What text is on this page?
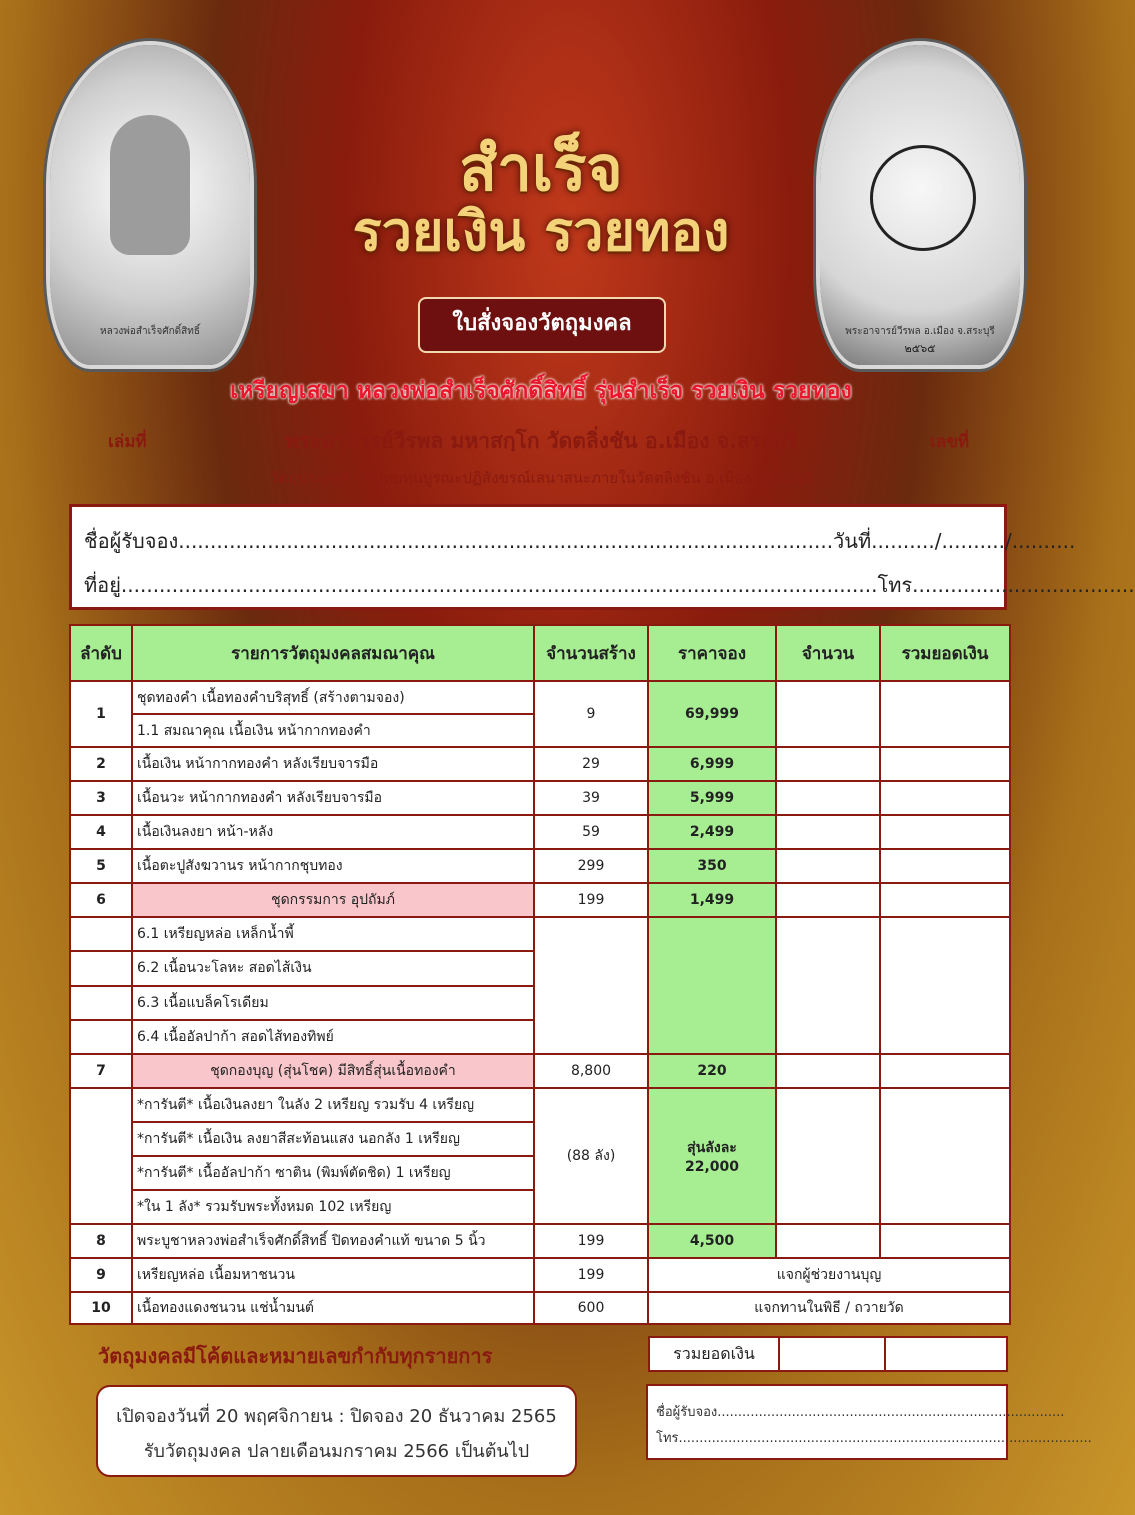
หลวงพ่อสำเร็จศักดิ์สิทธิ์	พระอาจารย์วีรพล อ.เมือง จ.สระบุรี
๒๕๖๕
สำเร็จ
รวยเงิน รวยทอง
ใบสั่งจองวัตถุมงคล
เหรียญเสมา หลวงพ่อสำเร็จศักดิ์สิทธิ์ รุ่นสำเร็จ รวยเงิน รวยทอง
เล่มที่	พระอาจารย์วีรพล มหาสกฺโก วัดตลิ่งชัน อ.เมือง จ.สระบุรี	เลขที่
วัตถุประสงค์ : สมทบทุนบูรณะปฏิสังขรณ์เสนาสนะภายในวัดตลิ่งชัน อ.เมือง จ.สระบุรี
ชื่อผู้รับจอง.......................................................................................................วันที่........../........../..........
ที่อยู่.......................................................................................................................โทร...................................
ลำดับ	รายการวัตถุมงคลสมณาคุณ	จำนวนสร้าง	ราคาจอง	จำนวน	รวมยอดเงิน
1	ชุดทองคำ เนื้อทองคำบริสุทธิ์ (สร้างตามจอง)	9	69,999		
	1.1 สมณาคุณ เนื้อเงิน หน้ากากทองคำ				
2	เนื้อเงิน หน้ากากทองคำ หลังเรียบจารมือ	29	6,999		
3	เนื้อนวะ หน้ากากทองคำ หลังเรียบจารมือ	39	5,999		
4	เนื้อเงินลงยา หน้า-หลัง	59	2,499		
5	เนื้อตะปูสังฆวานร หน้ากากชุบทอง	299	350		
6	ชุดกรรมการ อุปถัมภ์	199	1,499		
	6.1 เหรียญหล่อ เหล็กน้ำพี้				
	6.2 เนื้อนวะโลหะ สอดไส้เงิน				
	6.3 เนื้อแบล็คโรเดียม				
	6.4 เนื้ออัลปาก้า สอดไส้ทองทิพย์				
7	ชุดกองบุญ (สุ่นโชค) มีสิทธิ์สุ่นเนื้อทองคำ	8,800	220		
	*การันตี* เนื้อเงินลงยา ในลัง 2 เหรียญ รวมรับ 4 เหรียญ	(88 ลัง)	สุ่นลังละ
22,000		

	*การันตี* เนื้อเงิน ลงยาสีสะท้อนแสง นอกลัง 1 เหรียญ				
	*การันตี* เนื้ออัลปาก้า ซาติน (พิมพ์ตัดชิด) 1 เหรียญ				
	*ใน 1 ลัง* รวมรับพระทั้งหมด 102 เหรียญ				
8	พระบูชาหลวงพ่อสำเร็จศักดิ์สิทธิ์ ปิดทองคำแท้ ขนาด 5 นิ้ว	199	4,500		
9	เหรียญหล่อ เนื้อมหาชนวน	199	แจกผู้ช่วยงานบุญ		
10	เนื้อทองแดงชนวน แช่น้ำมนต์	600	แจกทานในพิธี / ถวายวัด		
วัตถุมงคลมีโค้ตและหมายเลขกำกับทุกรายการ	รวมยอดเงิน
เปิดจองวันที่ 20 พฤศจิกายน : ปิดจอง 20 ธันวาคม 2565
รับวัตถุมงคล ปลายเดือนมกราคม 2566 เป็นต้นไป
ชื่อผู้รับจอง....................................................................................
โทร....................................................................................................
